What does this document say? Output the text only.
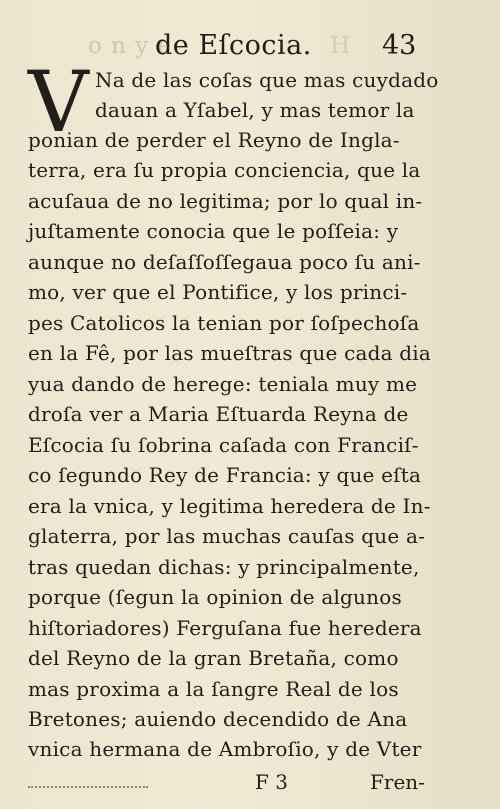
o n y e	H
de Eſcocia.	43
V Na de las coſas que mas cuydado
dauan a Yſabel, y mas temor la
ponian de perder el Reyno de Ingla-
terra, era ſu propia conciencia, que la
acuſaua de no legitima; por lo qual in-
juſtamente conocia que le poſſeia: y
aunque no deſaſſoſſegaua poco ſu ani-
mo, ver que el Pontifice, y los princi-
pes Catolicos la tenian por ſoſpechoſa
en la Fê, por las mueſtras que cada dia
yua dando de herege: teniala muy me
droſa ver a Maria Eſtuarda Reyna de
Eſcocia ſu ſobrina caſada con Franciſ-
co ſegundo Rey de Francia: y que eſta
era la vnica, y legitima heredera de In-
glaterra, por las muchas cauſas que a-
tras quedan dichas: y principalmente,
porque (ſegun la opinion de algunos
hiſtoriadores) Ferguſana fue heredera
del Reyno de la gran Bretaña, como
mas proxima a la ſangre Real de los
Bretones; auiendo decendido de Ana
vnica hermana de Ambroſio, y de Vter
F 3	Fren-
